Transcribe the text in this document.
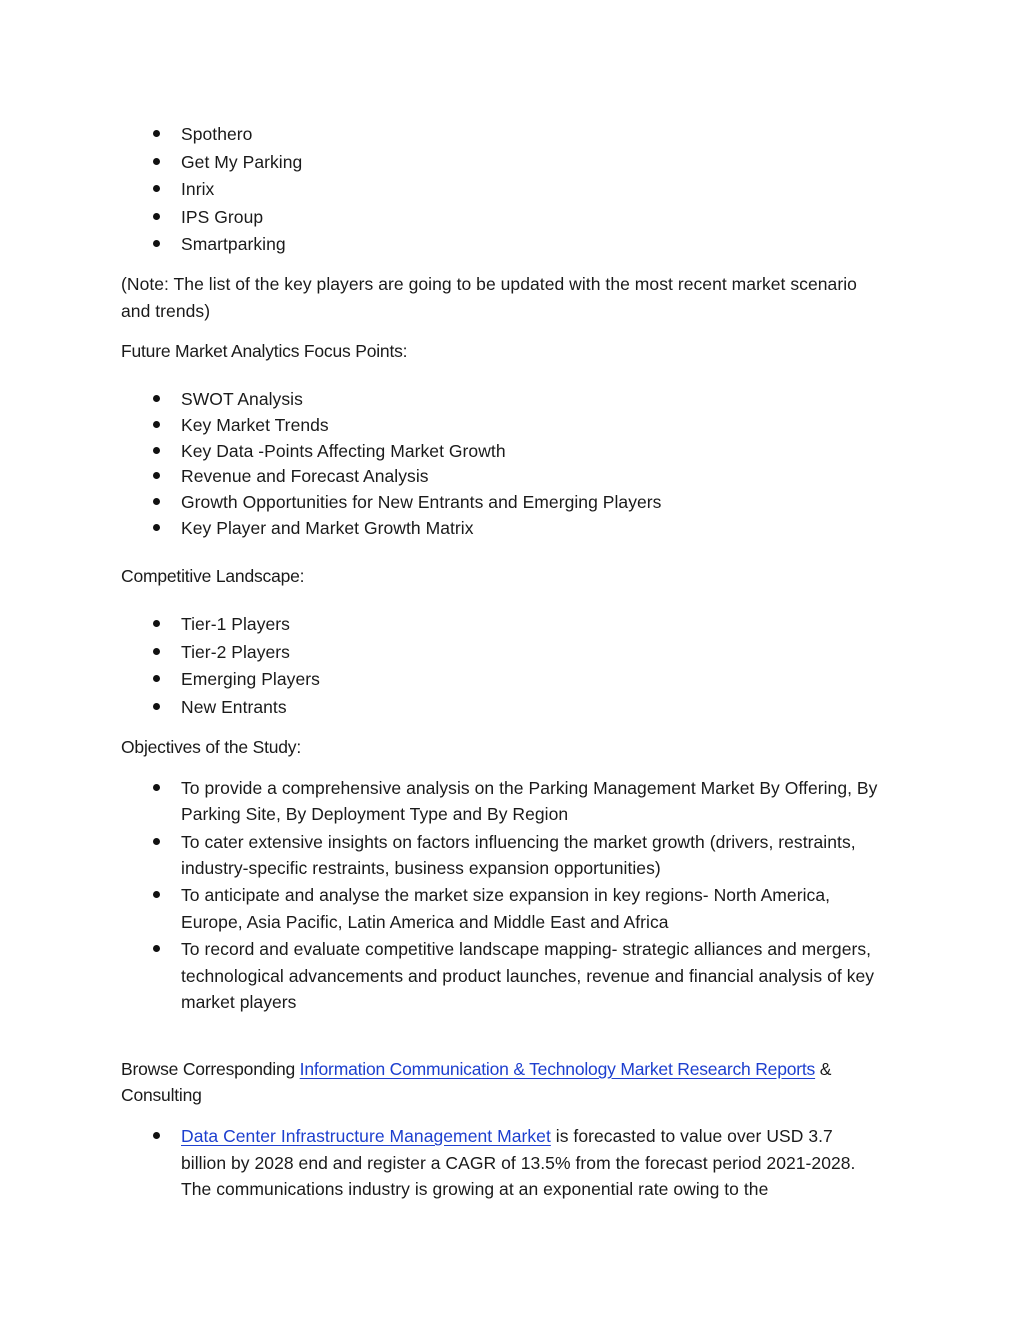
Spothero
Get My Parking
Inrix
IPS Group
Smartparking
(Note: The list of the key players are going to be updated with the most recent market scenario
and trends)
Future Market Analytics Focus Points:
SWOT Analysis
Key Market Trends
Key Data -Points Affecting Market Growth
Revenue and Forecast Analysis
Growth Opportunities for New Entrants and Emerging Players
Key Player and Market Growth Matrix
Competitive Landscape:
Tier-1 Players
Tier-2 Players
Emerging Players
New Entrants
Objectives of the Study:
To provide a comprehensive analysis on the Parking Management Market By Offering, By
Parking Site, By Deployment Type and By Region
To cater extensive insights on factors influencing the market growth (drivers, restraints,
industry-specific restraints, business expansion opportunities)
To anticipate and analyse the market size expansion in key regions- North America,
Europe, Asia Pacific, Latin America and Middle East and Africa
To record and evaluate competitive landscape mapping- strategic alliances and mergers,
technological advancements and product launches, revenue and financial analysis of key
market players
Browse Corresponding Information Communication & Technology Market Research Reports &
Consulting
Data Center Infrastructure Management Market is forecasted to value over USD 3.7
billion by 2028 end and register a CAGR of 13.5% from the forecast period 2021-2028.
The communications industry is growing at an exponential rate owing to the
